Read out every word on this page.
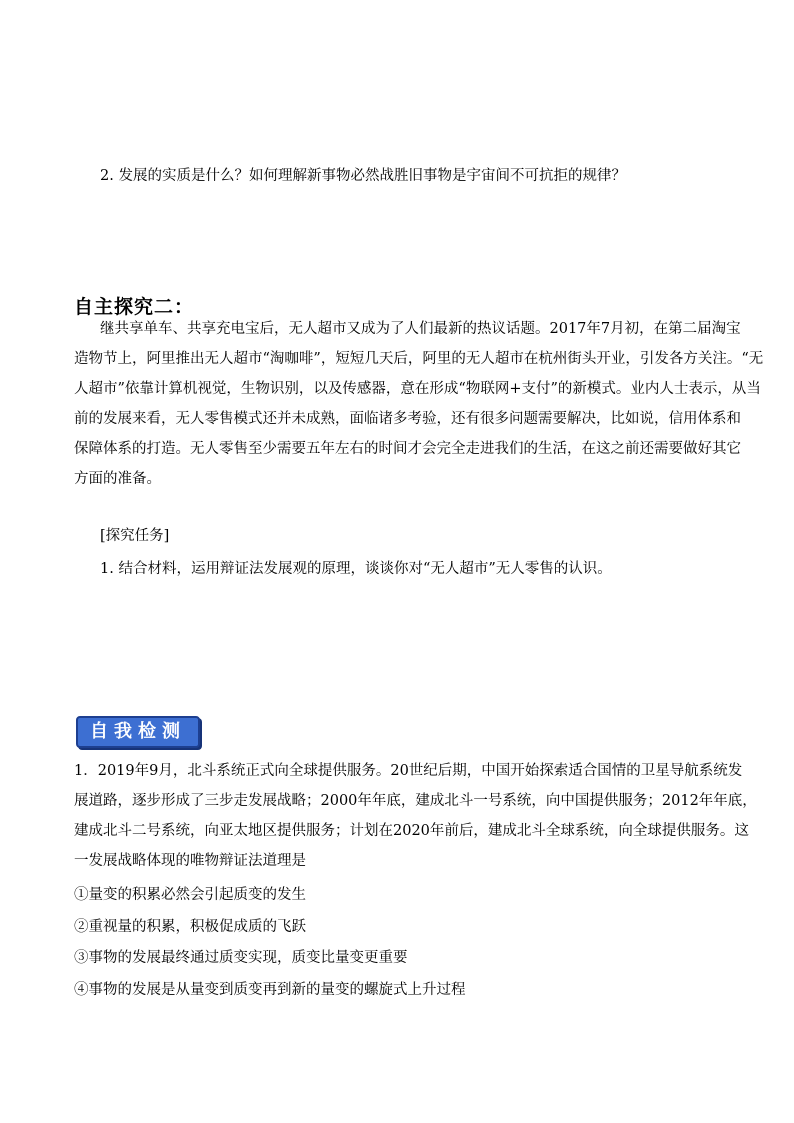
2. 发展的实质是什么？如何理解新事物必然战胜旧事物是宇宙间不可抗拒的规律？
自主探究二：

继共享单车、共享充电宝后，无人超市又成为了人们最新的热议话题。2017年7月初，在第二届淘宝

造物节上，阿里推出无人超市“淘咖啡”，短短几天后，阿里的无人超市在杭州街头开业，引发各方关注。“无

人超市”依靠计算机视觉，生物识别，以及传感器，意在形成“物联网+支付”的新模式。业内人士表示，从当

前的发展来看，无人零售模式还并未成熟，面临诸多考验，还有很多问题需要解决，比如说，信用体系和

保障体系的打造。无人零售至少需要五年左右的时间才会完全走进我们的生活，在这之前还需要做好其它

方面的准备。

[探究任务]
1. 结合材料，运用辩证法发展观的原理，谈谈你对“无人超市”无人零售的认识。
自我检测

1．2019年9月，北斗系统正式向全球提供服务。20世纪后期，中国开始探索适合国情的卫星导航系统发

展道路，逐步形成了三步走发展战略；2000年年底，建成北斗一号系统，向中国提供服务；2012年年底，

建成北斗二号系统，向亚太地区提供服务；计划在2020年前后，建成北斗全球系统，向全球提供服务。这

一发展战略体现的唯物辩证法道理是

①量变的积累必然会引起质变的发生

②重视量的积累，积极促成质的飞跃

③事物的发展最终通过质变实现，质变比量变更重要

④事物的发展是从量变到质变再到新的量变的螺旋式上升过程
